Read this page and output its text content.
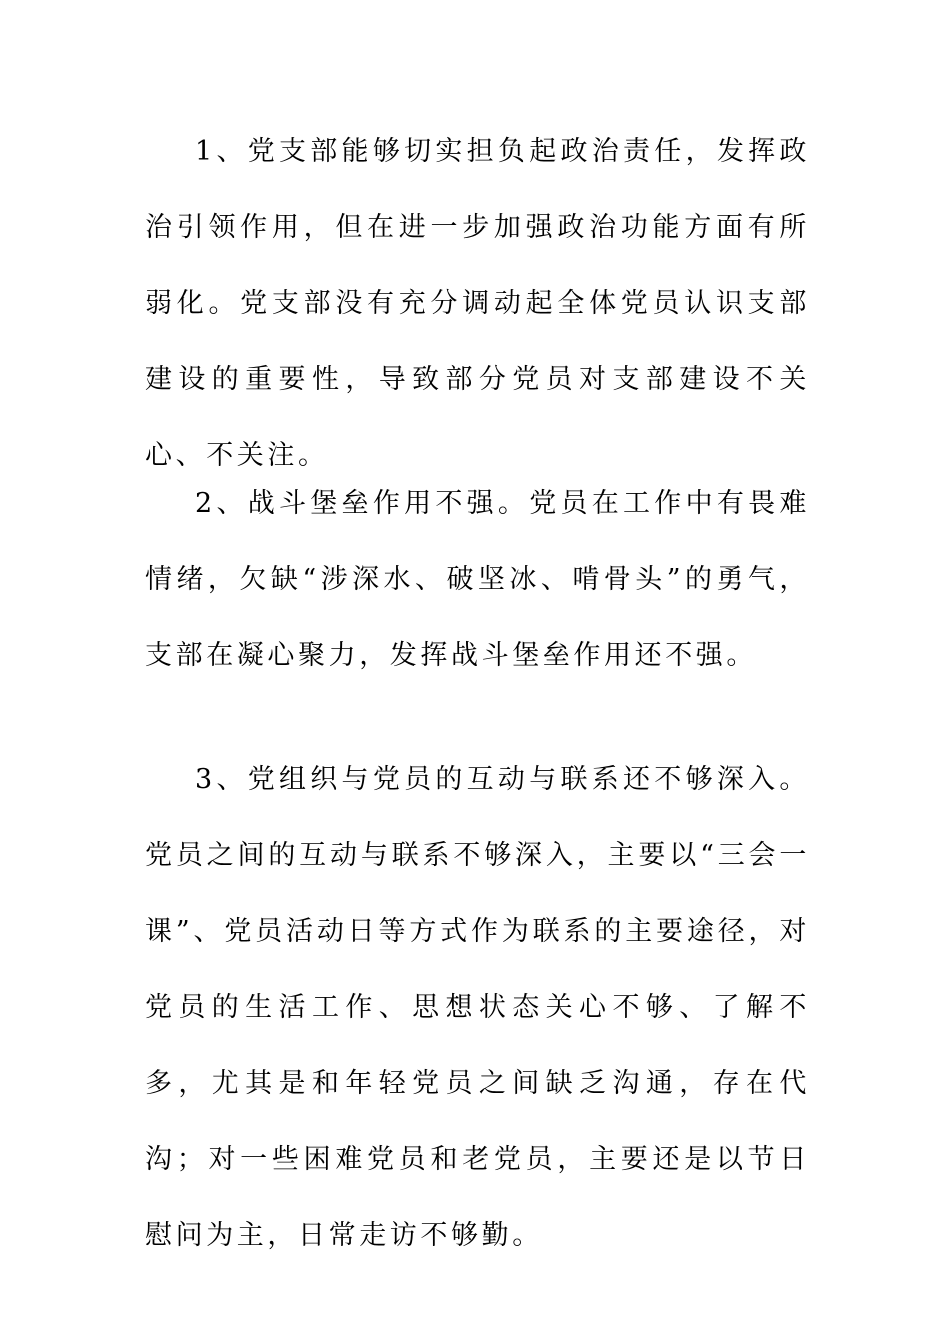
1、党支部能够切实担负起政治责任，发挥政治引领作用，但在进一步加强政治功能方面有所弱化。党支部没有充分调动起全体党员认识支部建设的重要性，导致部分党员对支部建设不关心、不关注。

2、战斗堡垒作用不强。党员在工作中有畏难情绪，欠缺“涉深水、破坚冰、啃骨头”的勇气，支部在凝心聚力，发挥战斗堡垒作用还不强。

3、党组织与党员的互动与联系还不够深入。党员之间的互动与联系不够深入，主要以“三会一课”、党员活动日等方式作为联系的主要途径，对党员的生活工作、思想状态关心不够、了解不多，尤其是和年轻党员之间缺乏沟通，存在代沟；对一些困难党员和老党员，主要还是以节日慰问为主，日常走访不够勤。
